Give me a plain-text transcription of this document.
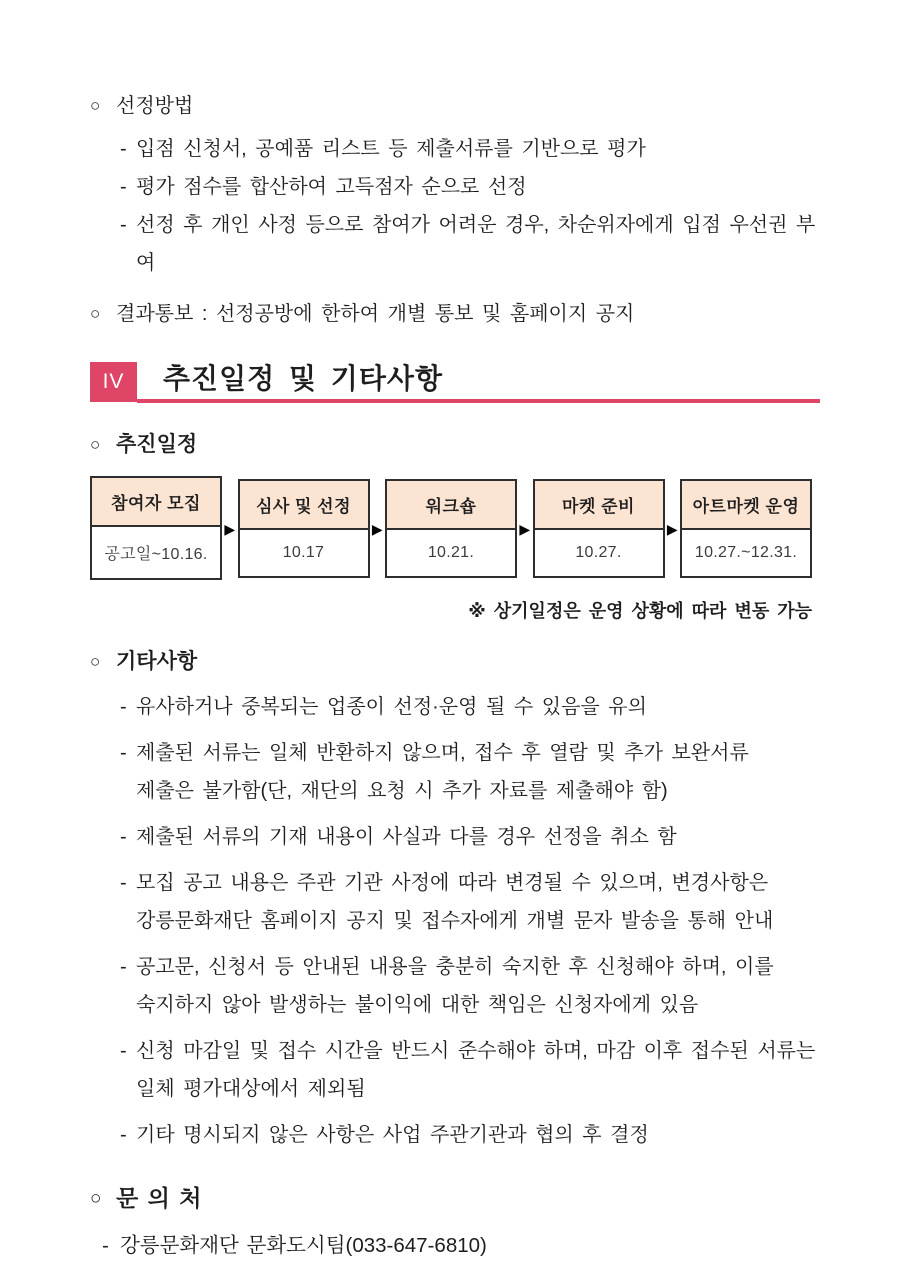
○ 선정방법
- 입점 신청서, 공예품 리스트 등 제출서류를 기반으로 평가
- 평가 점수를 합산하여 고득점자 순으로 선정
- 선정 후 개인 사정 등으로 참여가 어려운 경우, 차순위자에게 입점 우선권 부여
○ 결과통보 : 선정공방에 한하여 개별 통보 및 홈페이지 공지
IV	추진일정 및 기타사항
○ 추진일정
참여자 모집
공고일~10.16.
▶
심사 및 선정
10.17
▶
워크숍
10.21.
▶
마켓 준비
10.27.
▶
아트마켓 운영
10.27.~12.31.
※ 상기일정은 운영 상황에 따라 변동 가능
○ 기타사항
- 유사하거나 중복되는 업종이 선정·운영 될 수 있음을 유의
- 제출된 서류는 일체 반환하지 않으며, 접수 후 열람 및 추가 보완서류
제출은 불가함(단, 재단의 요청 시 추가 자료를 제출해야 함)
- 제출된 서류의 기재 내용이 사실과 다를 경우 선정을 취소 함
- 모집 공고 내용은 주관 기관 사정에 따라 변경될 수 있으며, 변경사항은
강릉문화재단 홈페이지 공지 및 접수자에게 개별 문자 발송을 통해 안내
- 공고문, 신청서 등 안내된 내용을 충분히 숙지한 후 신청해야 하며, 이를
숙지하지 않아 발생하는 불이익에 대한 책임은 신청자에게 있음
- 신청 마감일 및 접수 시간을 반드시 준수해야 하며, 마감 이후 접수된 서류는
일체 평가대상에서 제외됨
- 기타 명시되지 않은 사항은 사업 주관기관과 협의 후 결정
○ 문 의 처
- 강릉문화재단 문화도시팀(033-647-6810)
